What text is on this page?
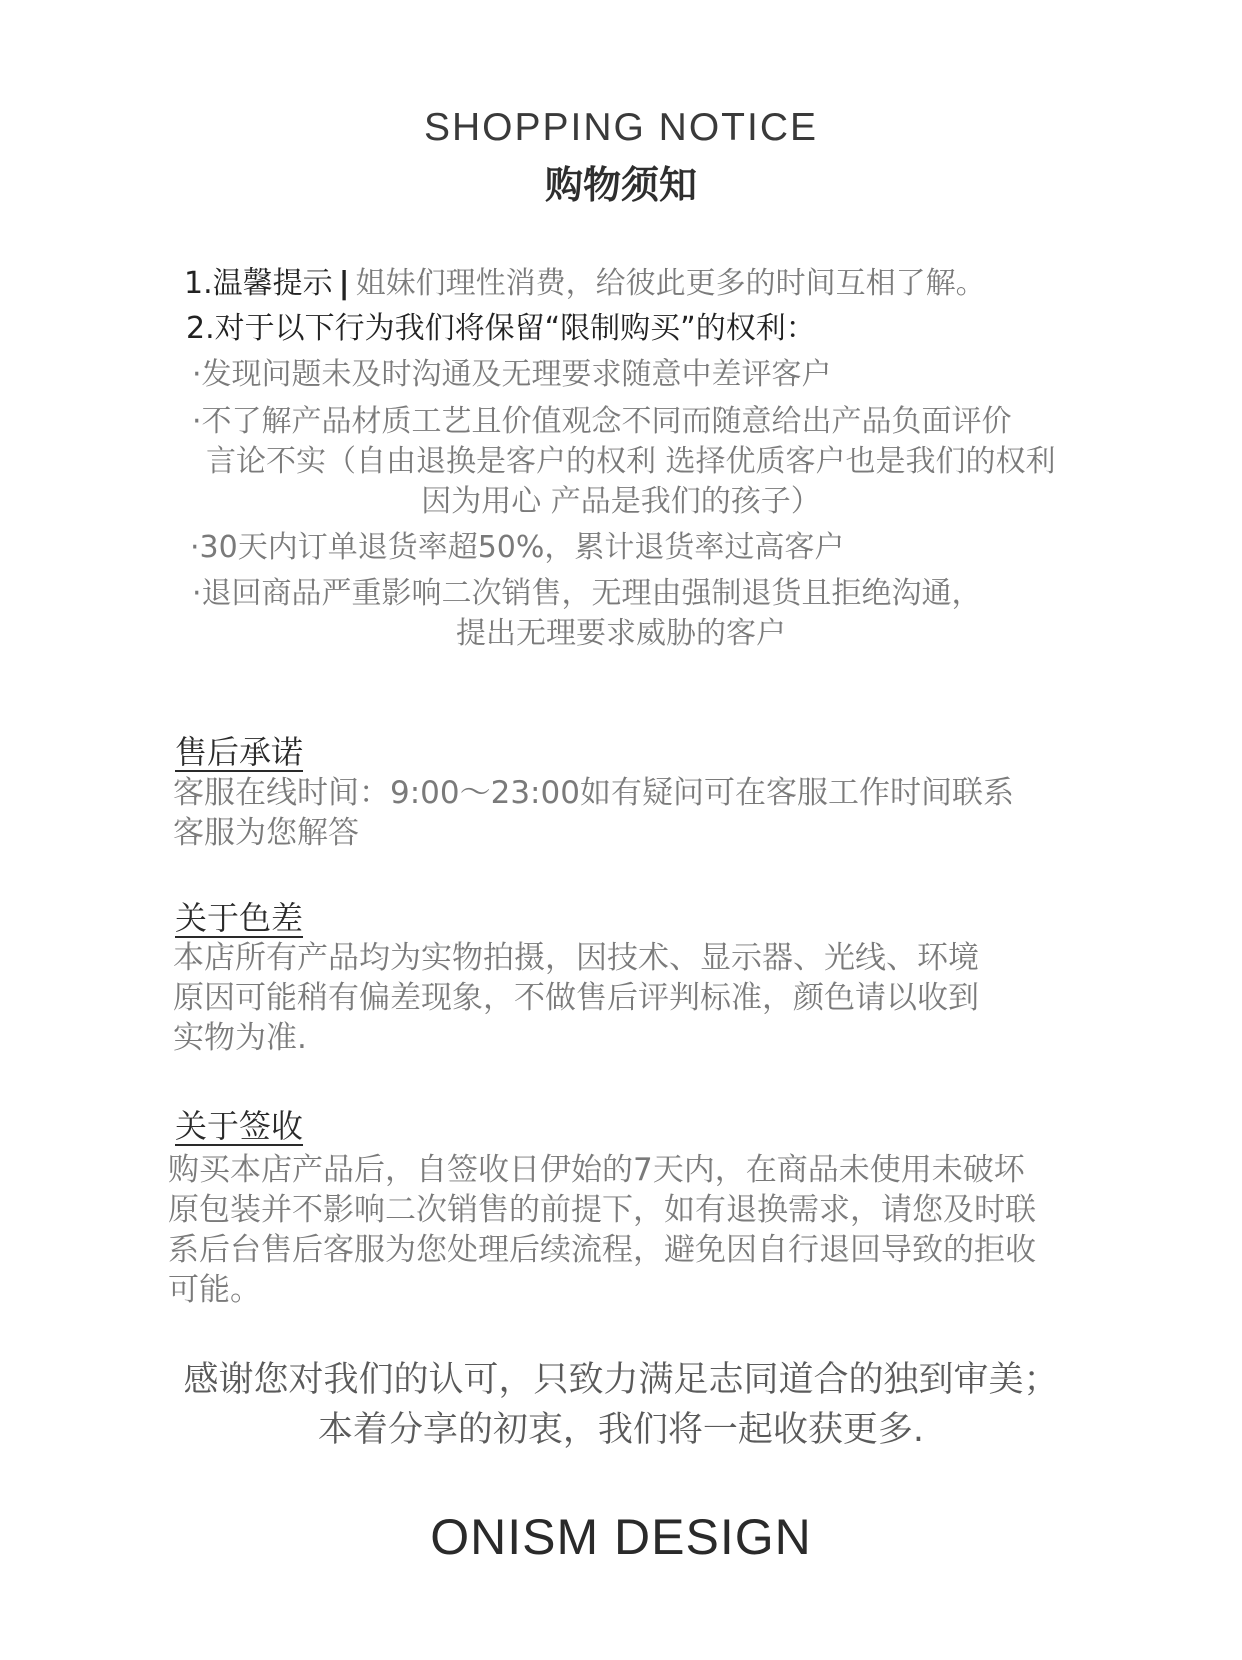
SHOPPING NOTICE
购物须知
1.温馨提示 | 姐妹们理性消费，给彼此更多的时间互相了解。
2.对于以下行为我们将保留“限制购买”的权利：
·发现问题未及时沟通及无理要求随意中差评客户
·不了解产品材质工艺且价值观念不同而随意给出产品负面评价
言论不实（自由退换是客户的权利 选择优质客户也是我们的权利
因为用心 产品是我们的孩子）
·30天内订单退货率超50%，累计退货率过高客户
·退回商品严重影响二次销售，无理由强制退货且拒绝沟通，
提出无理要求威胁的客户
售后承诺
客服在线时间：9:00～23:00如有疑问可在客服工作时间联系
客服为您解答
关于色差
本店所有产品均为实物拍摄，因技术、显示器、光线、环境
原因可能稍有偏差现象，不做售后评判标准，颜色请以收到
实物为准.
关于签收
购买本店产品后，自签收日伊始的7天内，在商品未使用未破坏
原包装并不影响二次销售的前提下，如有退换需求，请您及时联
系后台售后客服为您处理后续流程，避免因自行退回导致的拒收
可能。
感谢您对我们的认可，只致力满足志同道合的独到审美；
本着分享的初衷，我们将一起收获更多.
ONISM DESIGN
